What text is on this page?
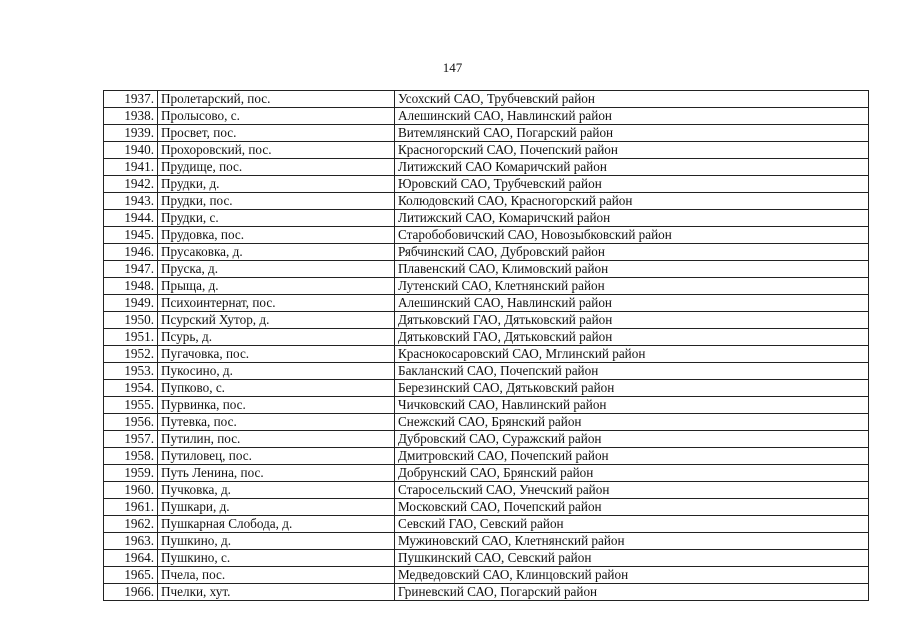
147
1937.	Пролетарский, пос.	Усохский САО, Трубчевский район
1938.	Пролысово, с.	Алешинский САО, Навлинский район
1939.	Просвет, пос.	Витемлянский САО, Погарский район
1940.	Прохоровский, пос.	Красногорский САО, Почепский район
1941.	Прудище, пос.	Литижский САО Комаричский район
1942.	Прудки, д.	Юровский САО, Трубчевский район
1943.	Прудки, пос.	Колюдовский САО, Красногорский район
1944.	Прудки, с.	Литижский САО, Комаричский район
1945.	Прудовка, пос.	Старобобовичский САО, Новозыбковский район
1946.	Прусаковка, д.	Рябчинский САО, Дубровский район
1947.	Пруска, д.	Плавенский САО, Климовский район
1948.	Прыща, д.	Лутенский САО, Клетнянский район
1949.	Психоинтернат, пос.	Алешинский САО, Навлинский район
1950.	Псурский Хутор, д.	Дятьковский ГАО, Дятьковский район
1951.	Псурь, д.	Дятьковский ГАО, Дятьковский район
1952.	Пугачовка, пос.	Краснокосаровский САО, Мглинский район
1953.	Пукосино, д.	Бакланский САО, Почепский район
1954.	Пупково, с.	Березинский САО, Дятьковский район
1955.	Пурвинка, пос.	Чичковский САО, Навлинский район
1956.	Путевка, пос.	Снежский САО, Брянский район
1957.	Путилин, пос.	Дубровский САО, Суражский район
1958.	Путиловец, пос.	Дмитровский САО, Почепский район
1959.	Путь Ленина, пос.	Добрунский САО, Брянский район
1960.	Пучковка, д.	Старосельский САО, Унечский район
1961.	Пушкари, д.	Московский САО, Почепский район
1962.	Пушкарная Слобода, д.	Севский ГАО, Севский район
1963.	Пушкино, д.	Мужиновский САО, Клетнянский район
1964.	Пушкино, с.	Пушкинский САО, Севский район
1965.	Пчела, пос.	Медведовский САО, Клинцовский район
1966.	Пчелки, хут.	Гриневский САО, Погарский район
